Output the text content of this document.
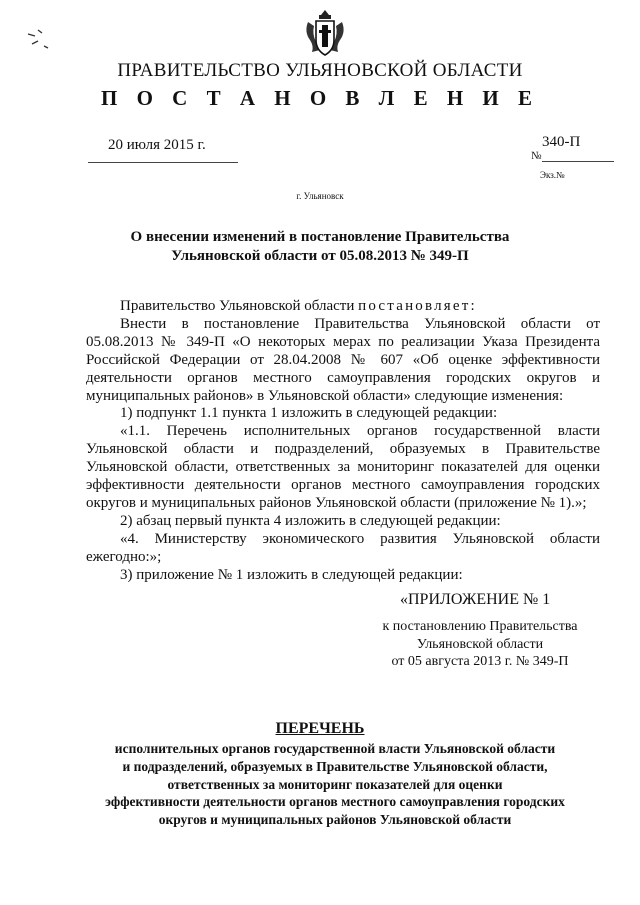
ПРАВИТЕЛЬСТВО УЛЬЯНОВСКОЙ ОБЛАСТИ
П О С Т А Н О В Л Е Н И Е
20 июля 2015 г.	340-П
№
Экз.№
г. Ульяновск
О внесении изменений в постановление Правительства
Ульяновской области от 05.08.2013 № 349-П

Правительство Ульяновской области постановляет:

Внести в постановление Правительства Ульяновской области от 05.08.2013 № 349-П «О некоторых мерах по реализации Указа Президента Российской Федерации от 28.04.2008 № 607 «Об оценке эффективности деятельности органов местного самоуправления городских округов и муниципальных районов» в Ульяновской области» следующие изменения:

1) подпункт 1.1 пункта 1 изложить в следующей редакции:

«1.1. Перечень исполнительных органов государственной власти Ульяновской области и подразделений, образуемых в Правительстве Ульяновской области, ответственных за мониторинг показателей для оценки эффективности деятельности органов местного самоуправления городских округов и муниципальных районов Ульяновской области (приложение № 1).»;

2) абзац первый пункта 4 изложить в следующей редакции:

«4. Министерству экономического развития Ульяновской области ежегодно:»;

3) приложение № 1 изложить в следующей редакции:

«ПРИЛОЖЕНИЕ № 1
к постановлению Правительства
Ульяновской области
от 05 августа 2013 г. № 349-П
ПЕРЕЧЕНЬ
исполнительных органов государственной власти Ульяновской области
и подразделений, образуемых в Правительстве Ульяновской области,
ответственных за мониторинг показателей для оценки
эффективности деятельности органов местного самоуправления городских
округов и муниципальных районов Ульяновской области
